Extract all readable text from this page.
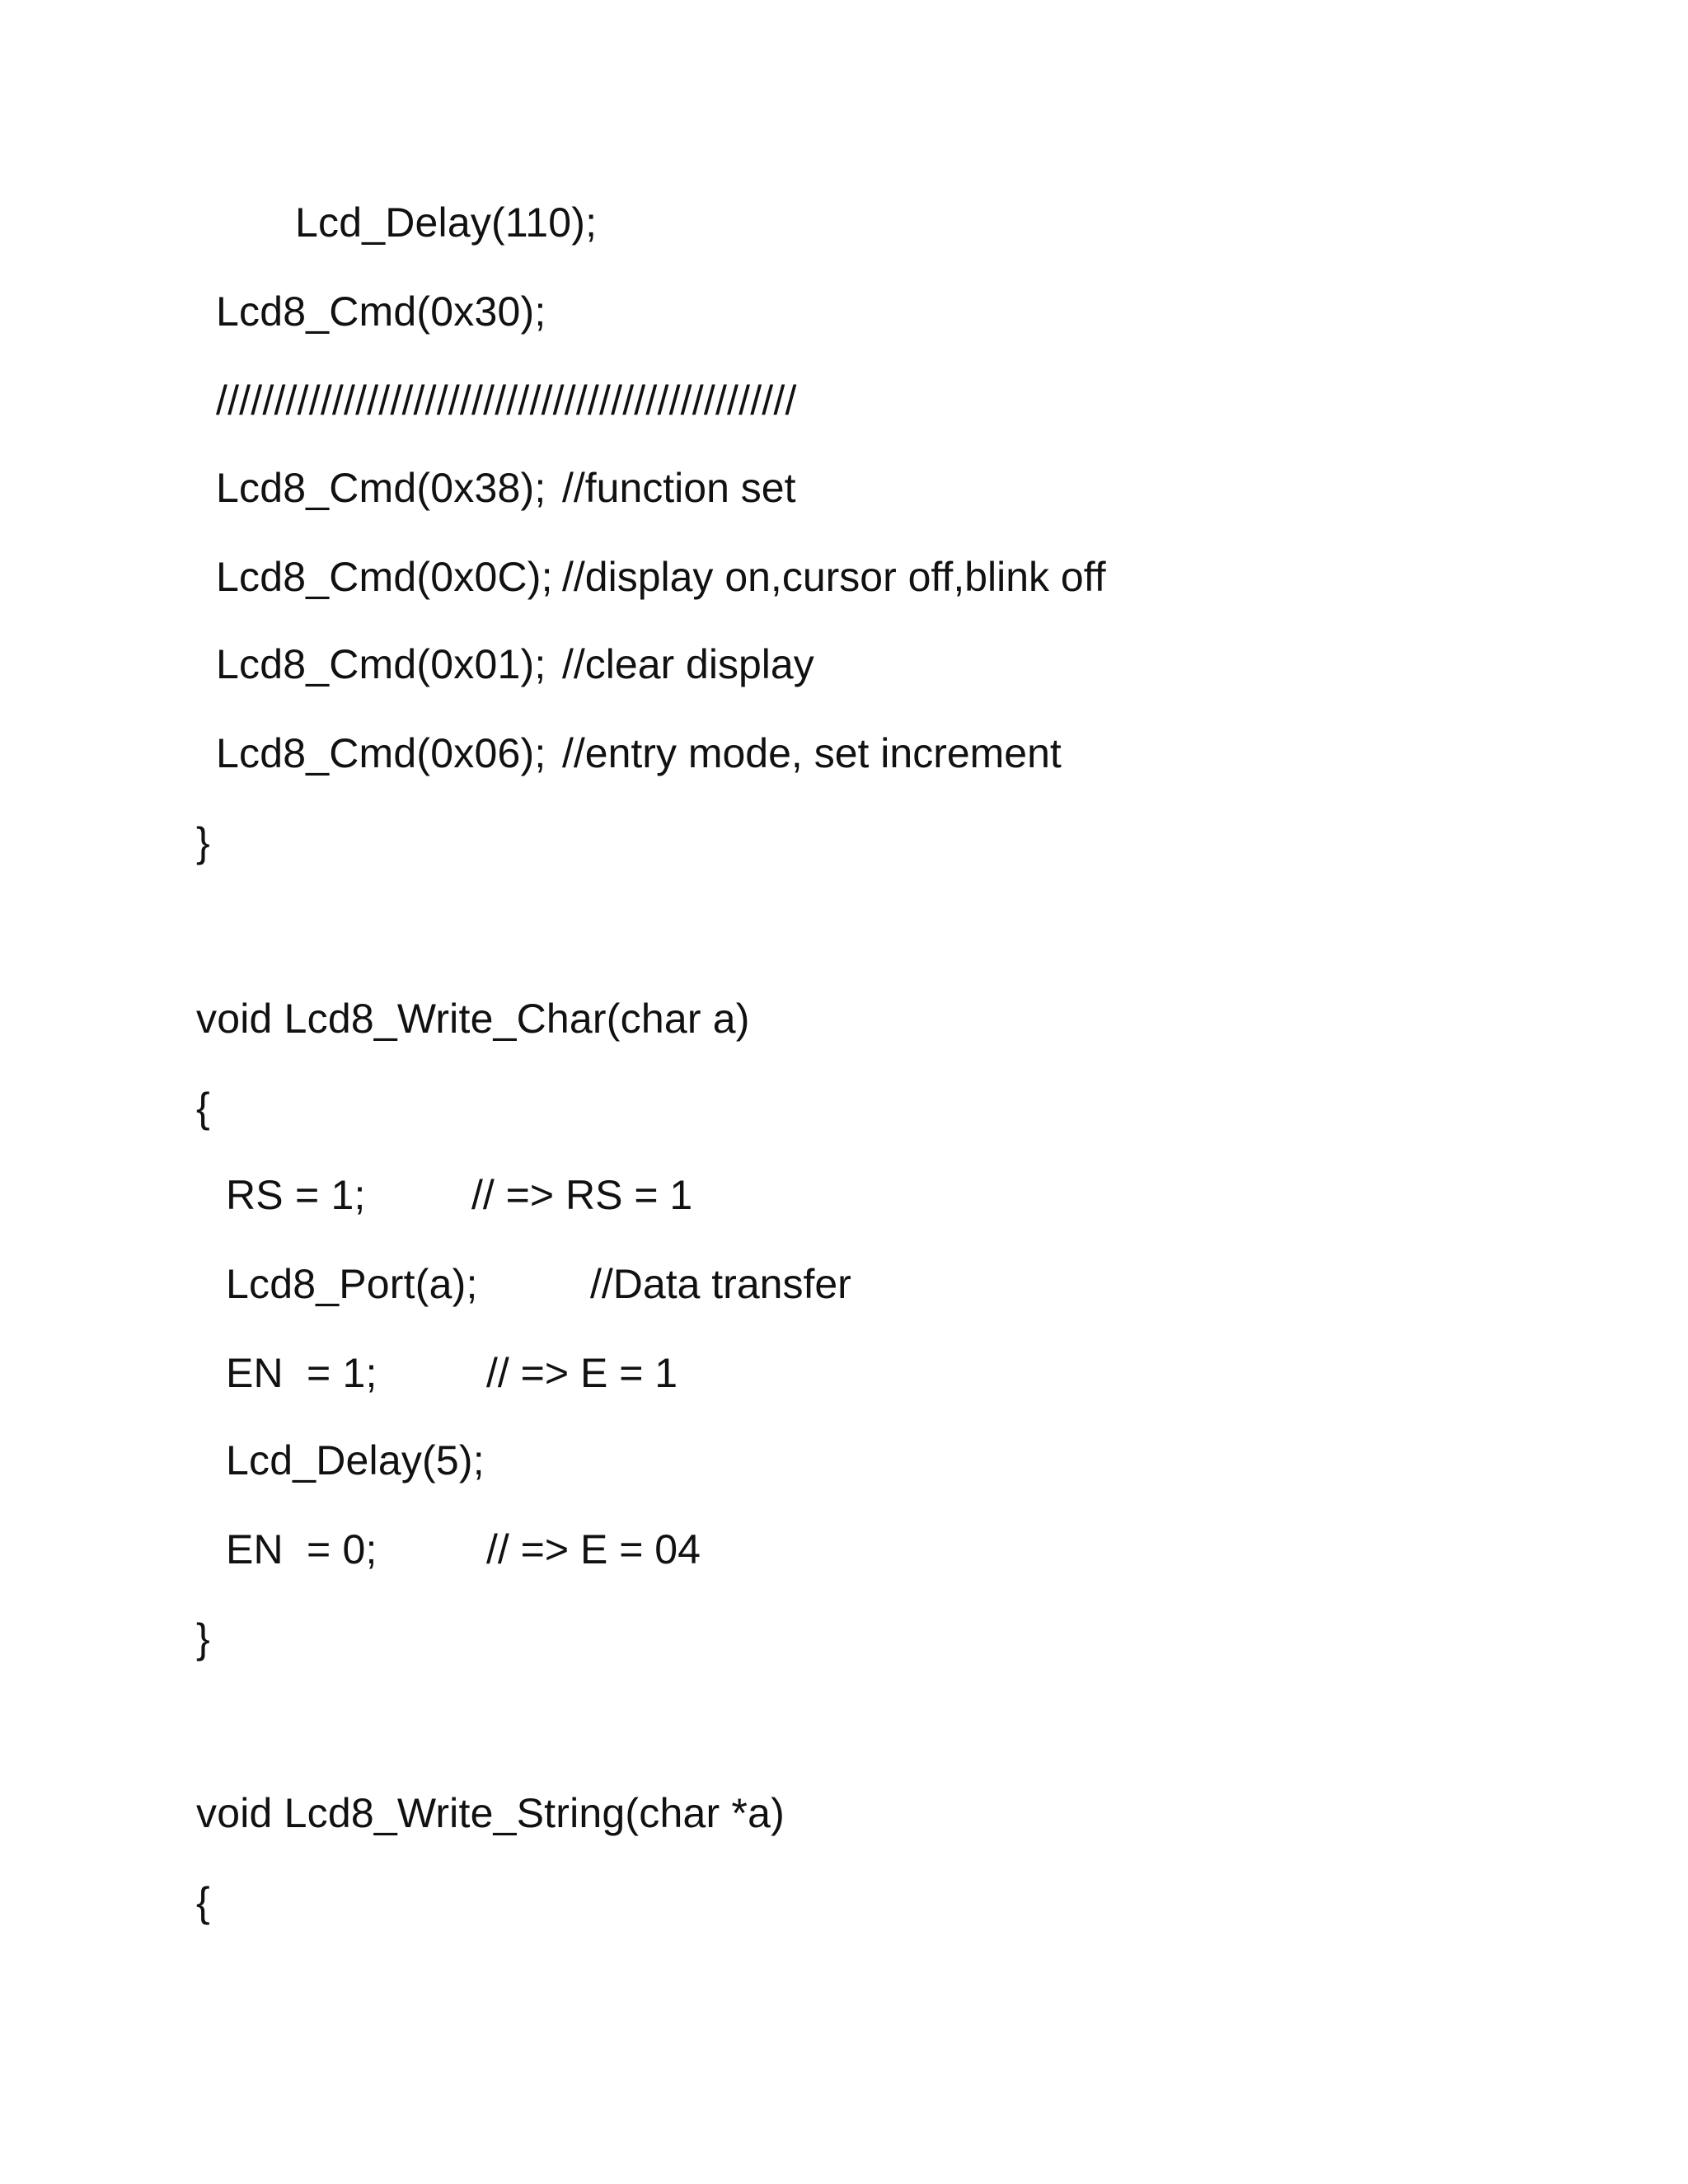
Lcd_Delay(110);
Lcd8_Cmd(0x30);
//////////////////////////////////////////////////
Lcd8_Cmd(0x38); //function set
Lcd8_Cmd(0x0C); //display on,cursor off,blink off
Lcd8_Cmd(0x01); //clear display
Lcd8_Cmd(0x06); //entry mode, set increment
}
void Lcd8_Write_Char(char a)
{
RS = 1;	// => RS = 1
Lcd8_Port(a);	//Data transfer
EN  = 1;	// => E = 1
Lcd_Delay(5);
EN  = 0;	// => E = 04
}
void Lcd8_Write_String(char *a)
{
